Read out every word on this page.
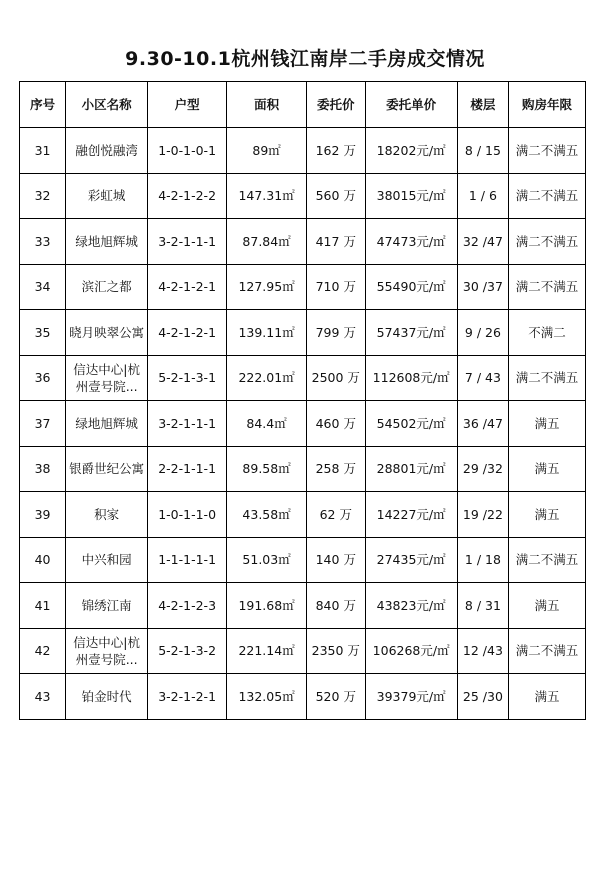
9.30-10.1杭州钱江南岸二手房成交情况
序号	小区名称	户型	面积	委托价	委托单价	楼层	购房年限

31	融创悦融湾	1-0-1-0-1	89㎡	162 万	18202元/㎡	8 / 15	满二不满五

32	彩虹城	4-2-1-2-2	147.31㎡	560 万	38015元/㎡	1 / 6	满二不满五

33	绿地旭辉城	3-2-1-1-1	87.84㎡	417 万	47473元/㎡	32 /47	满二不满五

34	滨汇之都	4-2-1-2-1	127.95㎡	710 万	55490元/㎡	30 /37	满二不满五

35	晓月映翠公寓	4-2-1-2-1	139.11㎡	799 万	57437元/㎡	9 / 26	不满二

36	信达中心|杭州壹号院...	5-2-1-3-1	222.01㎡	2500 万	112608元/㎡	7 / 43	满二不满五

37	绿地旭辉城	3-2-1-1-1	84.4㎡	460 万	54502元/㎡	36 /47	满五

38	银爵世纪公寓	2-2-1-1-1	89.58㎡	258 万	28801元/㎡	29 /32	满五

39	积家	1-0-1-1-0	43.58㎡	62 万	14227元/㎡	19 /22	满五

40	中兴和园	1-1-1-1-1	51.03㎡	140 万	27435元/㎡	1 / 18	满二不满五

41	锦绣江南	4-2-1-2-3	191.68㎡	840 万	43823元/㎡	8 / 31	满五

42	信达中心|杭州壹号院...	5-2-1-3-2	221.14㎡	2350 万	106268元/㎡	12 /43	满二不满五

43	铂金时代	3-2-1-2-1	132.05㎡	520 万	39379元/㎡	25 /30	满五
